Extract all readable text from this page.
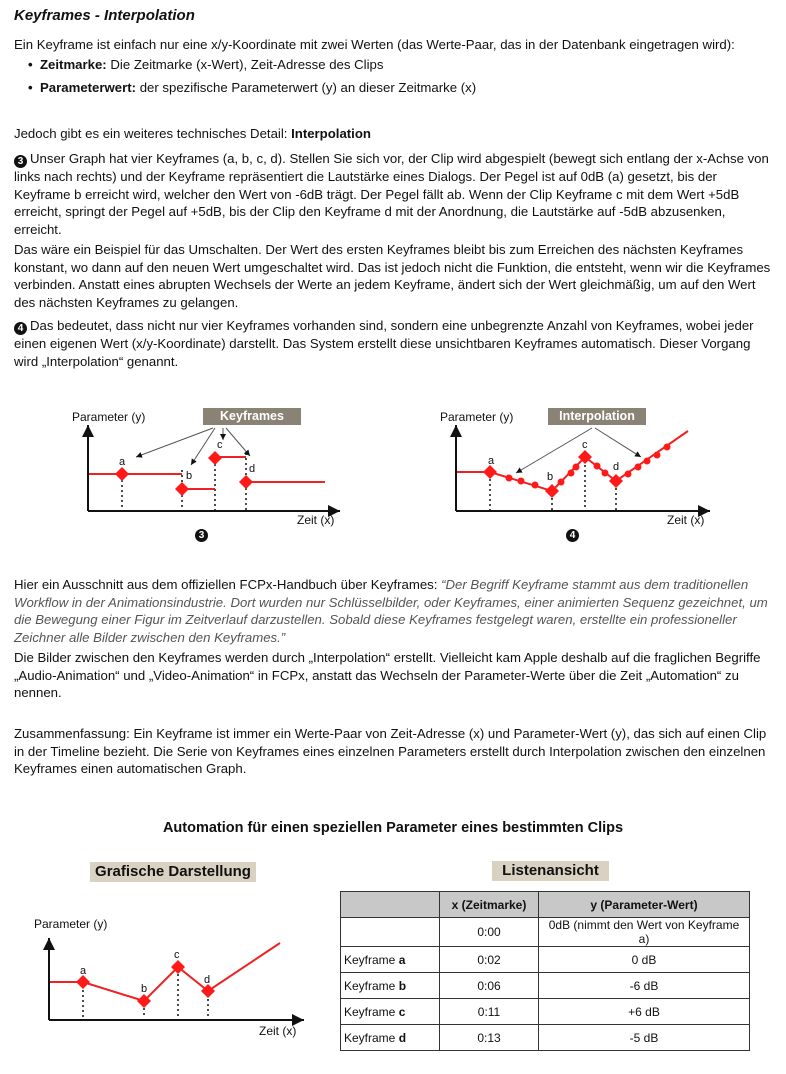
Keyframes - Interpolation
Ein Keyframe ist einfach nur eine x/y-Koordinate mit zwei Werten (das Werte-Paar, das in der Datenbank eingetragen wird):
• Zeitmarke: Die Zeitmarke (x-Wert), Zeit-Adresse des Clips
• Parameterwert: der spezifische Parameterwert (y) an dieser Zeitmarke (x)
Jedoch gibt es ein weiteres technisches Detail: Interpolation
3 Unser Graph hat vier Keyframes (a, b, c, d). Stellen Sie sich vor, der Clip wird abgespielt (bewegt sich entlang der x-Achse von links nach rechts) und der Keyframe repräsentiert die Lautstärke eines Dialogs. Der Pegel ist auf 0dB (a) gesetzt, bis der Keyframe b erreicht wird, welcher den Wert von -6dB trägt. Der Pegel fällt ab. Wenn der Clip Keyframe c mit dem Wert +5dB erreicht, springt der Pegel auf +5dB, bis der Clip den Keyframe d mit der Anordnung, die Lautstärke auf -5dB abzusenken, erreicht.
Das wäre ein Beispiel für das Umschalten. Der Wert des ersten Keyframes bleibt bis zum Erreichen des nächsten Keyframes konstant, wo dann auf den neuen Wert umgeschaltet wird. Das ist jedoch nicht die Funktion, die entsteht, wenn wir die Keyframes verbinden. Anstatt eines abrupten Wechsels der Werte an jedem Keyframe, ändert sich der Wert gleichmäßig, um auf den Wert des nächsten Keyframes zu gelangen.
4 Das bedeutet, dass nicht nur vier Keyframes vorhanden sind, sondern eine unbegrenzte Anzahl von Keyframes, wobei jeder einen eigenen Wert (x/y-Koordinate) darstellt. Das System erstellt diese unsichtbaren Keyframes automatisch. Dieser Vorgang wird „Interpolation“ genannt.
Keyframes
Parameter (y)
Zeit (x)
3
a
b
c
d
Interpolation
Parameter (y)
Zeit (x)
4
a
b
c
d
Hier ein Ausschnitt aus dem offiziellen FCPx-Handbuch über Keyframes: “Der Begriff Keyframe stammt aus dem traditionellen Workflow in der Animationsindustrie. Dort wurden nur Schlüsselbilder, oder Keyframes, einer animierten Sequenz gezeichnet, um die Bewegung einer Figur im Zeitverlauf darzustellen. Sobald diese Keyframes festgelegt waren, erstellte ein professioneller Zeichner alle Bilder zwischen den Keyframes.”
Die Bilder zwischen den Keyframes werden durch „Interpolation“ erstellt. Vielleicht kam Apple deshalb auf die fraglichen Begriffe „Audio-Animation“ und „Video-Animation“ in FCPx, anstatt das Wechseln der Parameter-Werte über die Zeit „Automation“ zu nennen.
Zusammenfassung: Ein Keyframe ist immer ein Werte-Paar von Zeit-Adresse (x) und Parameter-Wert (y), das sich auf einen Clip in der Timeline bezieht. Die Serie von Keyframes eines einzelnen Parameters erstellt durch Interpolation zwischen den einzelnen Keyframes einen automatischen Graph.
Automation für einen speziellen Parameter eines bestimmten Clips
Grafische Darstellung
Parameter (y)
Zeit (x)
a
b
c
d
Listenansicht
	x (Zeitmarke)	y (Parameter-Wert)
	0:00	0dB (nimmt den Wert von Keyframe a)
Keyframe a	0:02	0 dB
Keyframe b	0:06	-6 dB
Keyframe c	0:11	+6 dB
Keyframe d	0:13	-5 dB
